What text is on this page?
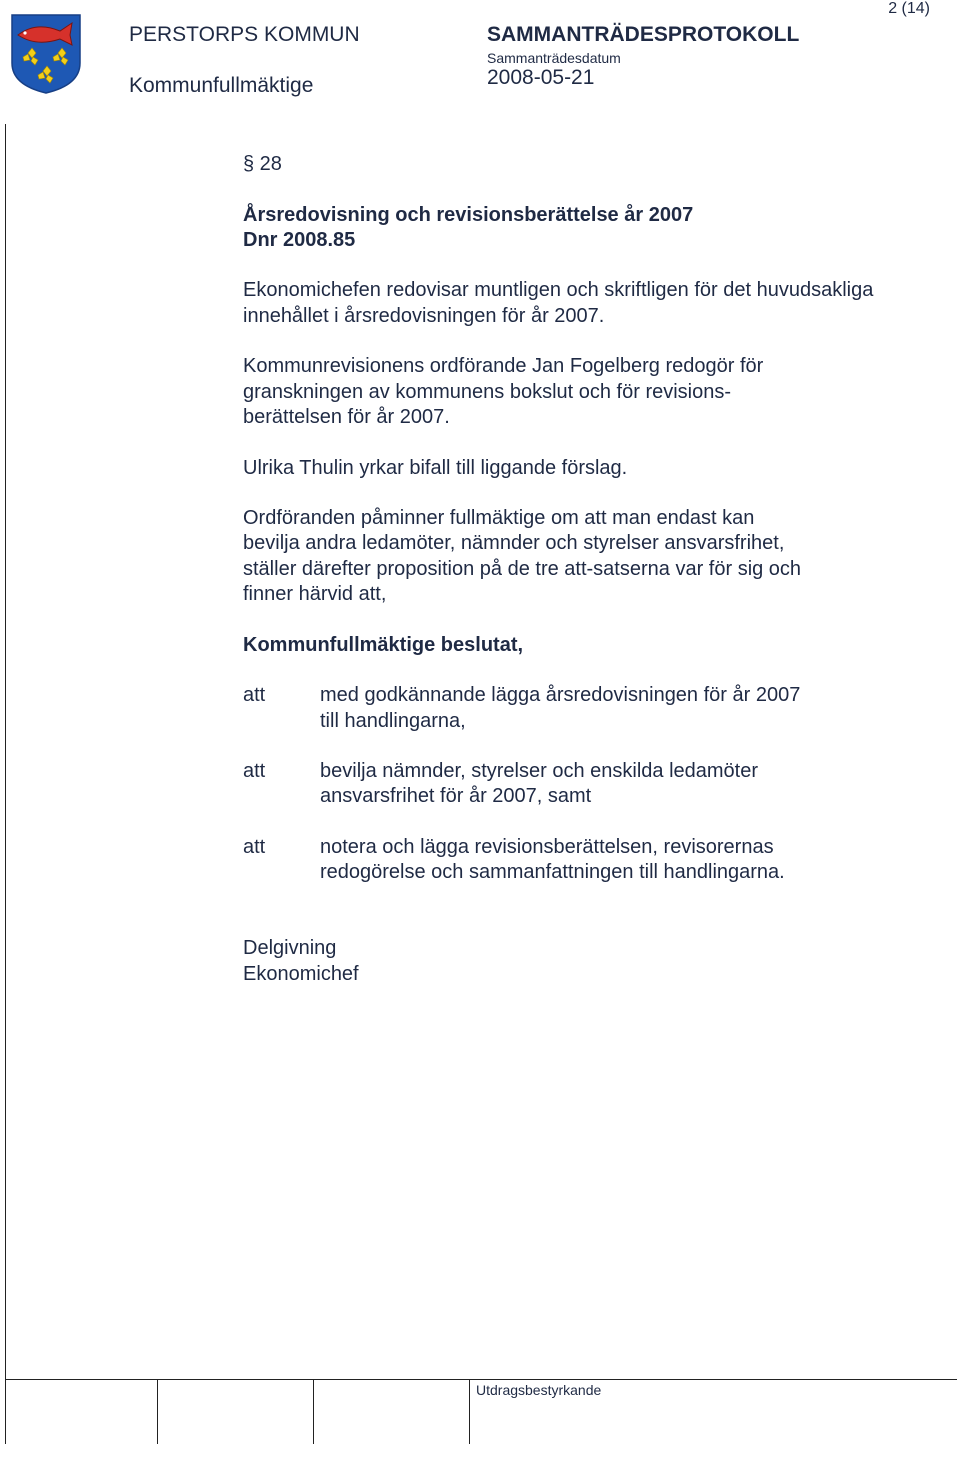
PERSTORPS KOMMUN
Kommunfullmäktige
SAMMANTRÄDESPROTOKOLL
Sammanträdesdatum
2008-05-21
2 (14)

§ 28

Årsredovisning och revisionsberättelse år 2007
Dnr 2008.85

Ekonomichefen redovisar muntligen och skriftligen för det huvudsakliga innehållet i årsredovisningen för år 2007.

Kommunrevisionens ordförande Jan Fogelberg redogör för
granskningen av kommunens bokslut och för revisions-
berättelsen för år 2007.

Ulrika Thulin yrkar bifall till liggande förslag.

Ordföranden påminner fullmäktige om att man endast kan
bevilja andra ledamöter, nämnder och styrelser ansvarsfrihet,
ställer därefter proposition på de tre att-satserna var för sig och
finner härvid att,

Kommunfullmäktige beslutat,

att	med godkännande lägga årsredovisningen för år 2007
till handlingarna,
att	bevilja nämnder, styrelser och enskilda ledamöter
ansvarsfrihet för år 2007, samt
att	notera och lägga revisionsberättelsen, revisorernas
redogörelse och sammanfattningen till handlingarna.
Delgivning
Ekonomichef
Utdragsbestyrkande
